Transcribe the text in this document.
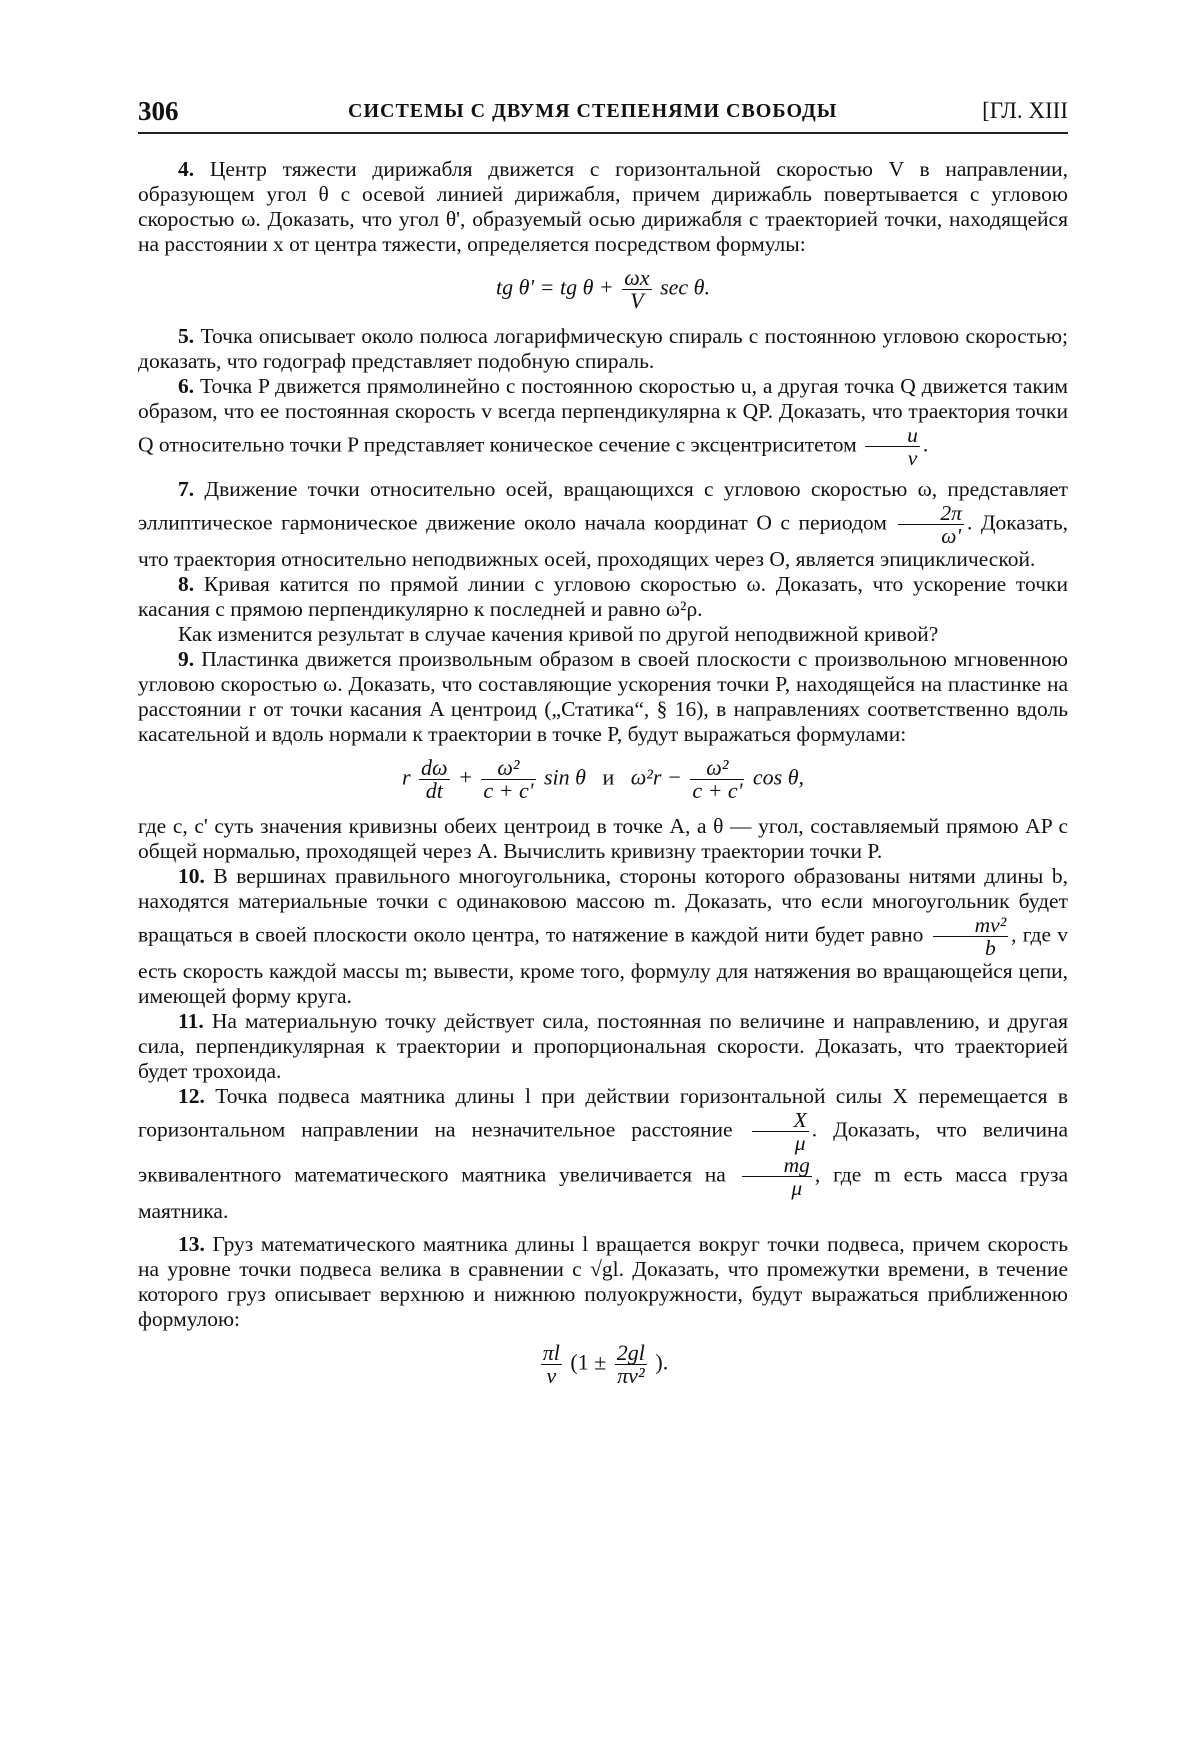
306	СИСТЕМЫ С ДВУМЯ СТЕПЕНЯМИ СВОБОДЫ	[ГЛ. XIII

4. Центр тяжести дирижабля движется с горизонтальной скоростью V в направлении, образующем угол θ с осевой линией дирижабля, причем дирижабль повертывается с угловою скоростью ω. Доказать, что угол θ', образуемый осью дирижабля с траекторией точки, находящейся на расстоянии x от центра тяжести, определяется посредством формулы:

tg θ' = tg $\theta + \frac{\omega x}{V}$ sec θ.

5. Точка описывает около полюса логарифмическую спираль с постоянною угловою скоростью; доказать, что годограф представляет подобную спираль.

6. Точка P движется прямолинейно с постоянною скоростью u, а другая точка Q движется таким образом, что ее постоянная скорость v всегда перпендикулярна к QP. Доказать, что траектория точки Q относительно точки P представляет коническое сечение с эксцентриситетом $\frac{u}{v}$ .

7. Движение точки относительно осей, вращающихся с угловою скоростью ω, представляет эллиптическое гармоническое движение около начала координат O с периодом $\frac{2\pi}{\omega'}$ . Доказать, что траектория относительно неподвижных осей, проходящих через O, является эпициклической.

8. Кривая катится по прямой линии с угловою скоростью ω. Доказать, что ускорение точки касания с прямою перпендикулярно к последней и равно ω²ρ.

Как изменится результат в случае качения кривой по другой неподвижной кривой?

9. Пластинка движется произвольным образом в своей плоскости с произвольною мгновенною угловою скоростью ω. Доказать, что составляющие ускорения точки P, находящейся на пластинке на расстоянии r от точки касания A центроид („Статика“, § 16), в направлениях соответственно вдоль касательной и вдоль нормали к траектории в точке P, будут выражаться формулами:

r $\frac{d\omega}{dt} + \frac{\text{ω²}}{c + c'}$ sin θ и $\omega^2r - \frac{\text{ω²}}{c + c'}$ cos θ,

где c, c' суть значения кривизны обеих центроид в точке A, а θ — угол, составляемый прямою AP с общей нормалью, проходящей через A. Вычислить кривизну траектории точки P.

10. В вершинах правильного многоугольника, стороны которого образованы нитями длины b, находятся материальные точки с одинаковою массою m. Доказать, что если многоугольник будет вращаться в своей плоскости около центра, то натяжение в каждой нити будет равно $\frac{\text{mv²}}{b}$ , где v есть скорость каждой массы m; вывести, кроме того, формулу для натяжения во вращающейся цепи, имеющей форму круга.

11. На материальную точку действует сила, постоянная по величине и направлению, и другая сила, перпендикулярная к траектории и пропорциональная скорости. Доказать, что траекторией будет трохоида.

12. Точка подвеса маятника длины l при действии горизонтальной силы X перемещается в горизонтальном направлении на незначительное расстояние $\frac{X}{\mu}$ . Доказать, что величина эквивалентного математического маятника увеличивается на $\frac{mg}{\mu}$ , где m есть масса груза маятника.

13. Груз математического маятника длины l вращается вокруг точки подвеса, причем скорость на уровне точки подвеса велика в сравнении с √gl. Доказать, что промежутки времени, в течение которого груз описывает верхнюю и нижнюю полуокружности, будут выражаться приближенною формулою:

$\frac{\pi l}{v} (1 \pm \frac{2gl}{\text{πv²}}$ ).
